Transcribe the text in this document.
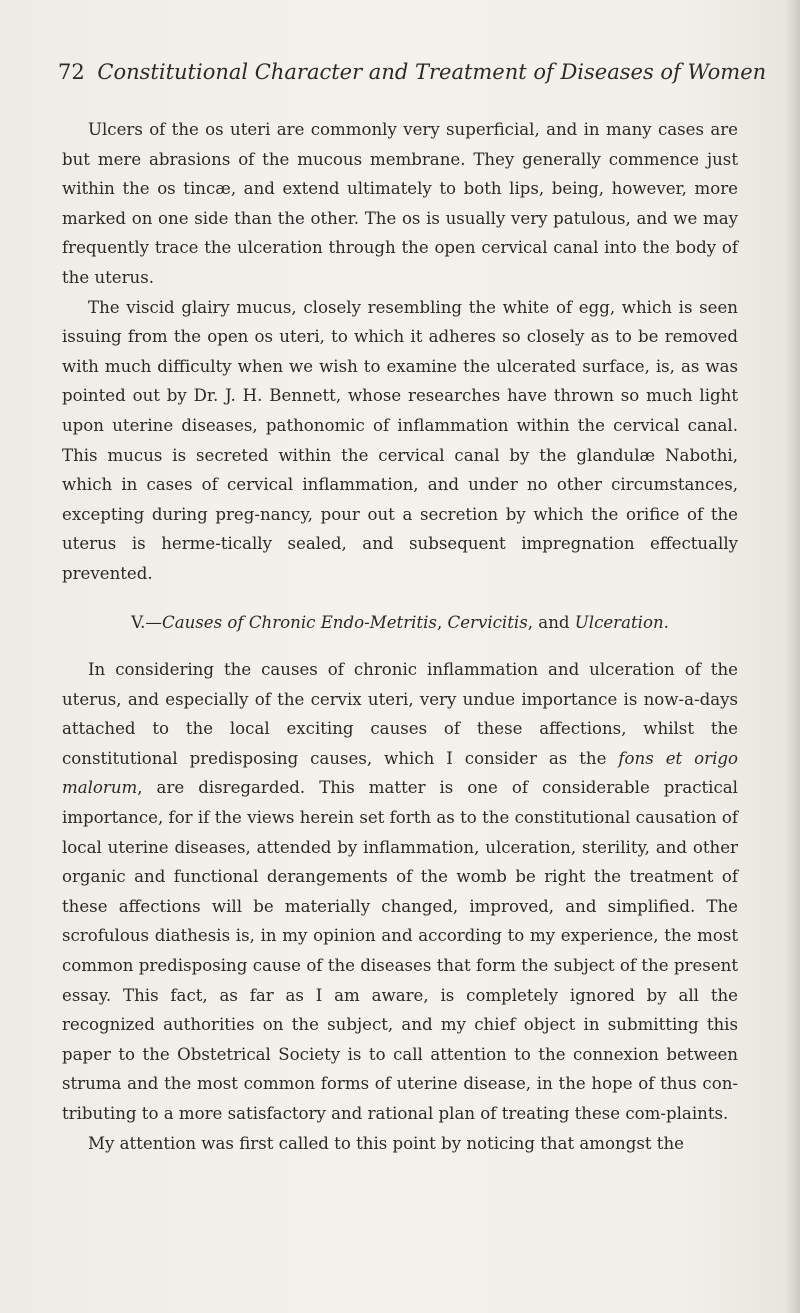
72 Constitutional Character and Treatment of Diseases of Women

Ulcers of the os uteri are commonly very superficial, and in many cases are but mere abrasions of the mucous membrane. They generally commence just within the os tincæ, and extend ultimately to both lips, being, however, more marked on one side than the other. The os is usually very patulous, and we may frequently trace the ulceration through the open cervical canal into the body of the uterus.

The viscid glairy mucus, closely resembling the white of egg, which is seen issuing from the open os uteri, to which it adheres so closely as to be removed with much difficulty when we wish to examine the ulcerated surface, is, as was pointed out by Dr. J. H. Bennett, whose researches have thrown so much light upon uterine diseases, pathonomic of inflammation within the cervical canal. This mucus is secreted within the cervical canal by the glandulæ Nabothi, which in cases of cervical inflammation, and under no other circumstances, excepting during preg-nancy, pour out a secretion by which the orifice of the uterus is herme-tically sealed, and subsequent impregnation effectually prevented.

V.—Causes of Chronic Endo-Metritis, Cervicitis, and Ulceration.

In considering the causes of chronic inflammation and ulceration of the uterus, and especially of the cervix uteri, very undue importance is now-a-days attached to the local exciting causes of these affections, whilst the constitutional predisposing causes, which I consider as the fons et origo malorum, are disregarded. This matter is one of considerable practical importance, for if the views herein set forth as to the constitutional causation of local uterine diseases, attended by inflammation, ulceration, sterility, and other organic and functional derangements of the womb be right the treatment of these affections will be materially changed, improved, and simplified. The scrofulous diathesis is, in my opinion and according to my experience, the most common predisposing cause of the diseases that form the subject of the present essay. This fact, as far as I am aware, is completely ignored by all the recognized authorities on the subject, and my chief object in submitting this paper to the Obstetrical Society is to call attention to the connexion between struma and the most common forms of uterine disease, in the hope of thus con-tributing to a more satisfactory and rational plan of treating these com-plaints.

My attention was first called to this point by noticing that amongst the
